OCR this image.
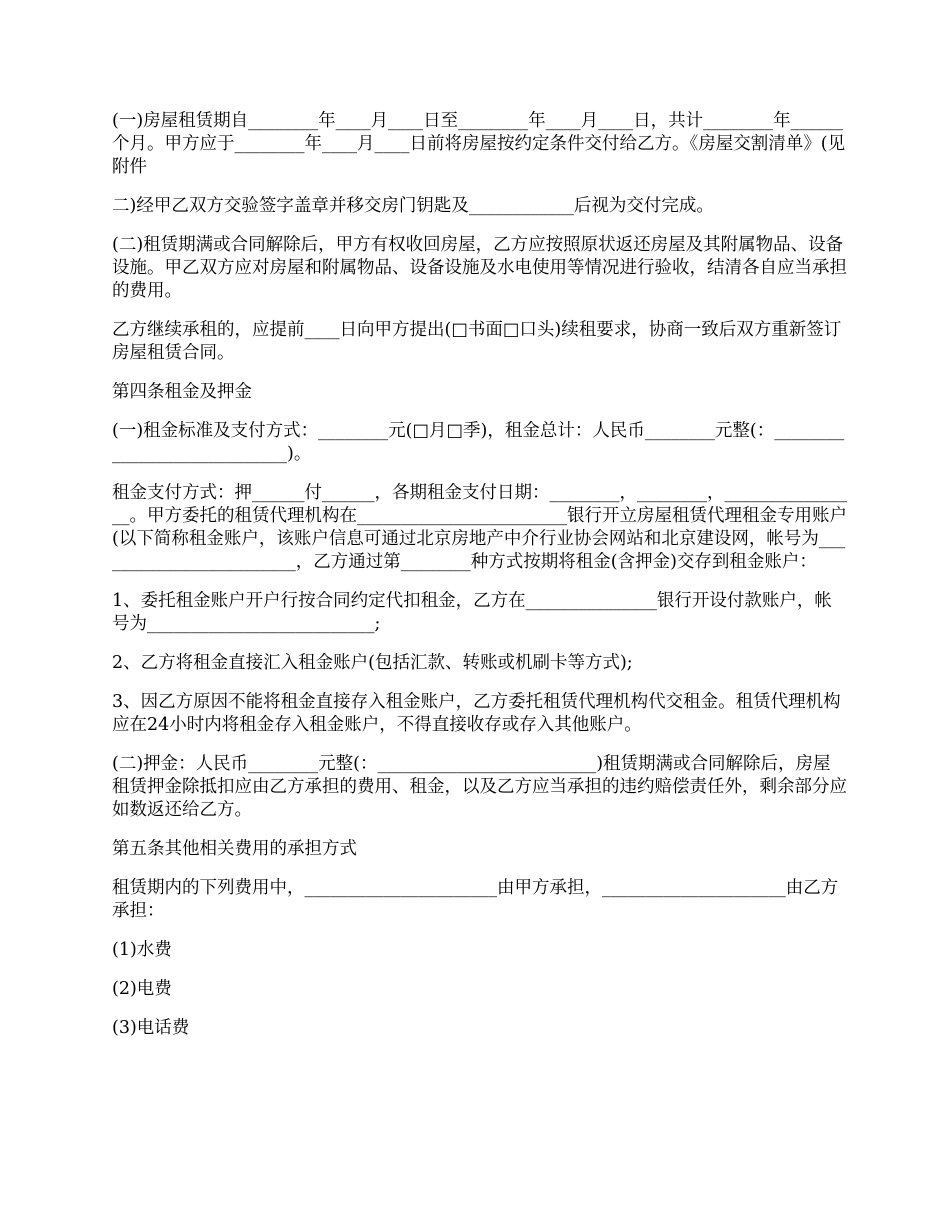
(一)房屋租赁期自________年____月____日至________年____月____日，共计________年______个月。甲方应于________年____月____日前将房屋按约定条件交付给乙方。《房屋交割清单》(见附件

二)经甲乙双方交验签字盖章并移交房门钥匙及____________后视为交付完成。

(二)租赁期满或合同解除后，甲方有权收回房屋，乙方应按照原状返还房屋及其附属物品、设备设施。甲乙双方应对房屋和附属物品、设备设施及水电使用等情况进行验收，结清各自应当承担的费用。

乙方继续承租的，应提前____日向甲方提出(□书面□口头)续租要求，协商一致后双方重新签订房屋租赁合同。

第四条租金及押金

(一)租金标准及支付方式：________元(□月□季)，租金总计：人民币________元整(：____________________________)。

租金支付方式：押______付______，各期租金支付日期：________，________，________________。甲方委托的租赁代理机构在________________________银行开立房屋租赁代理租金专用账户(以下简称租金账户，该账户信息可通过北京房地产中介行业协会网站和北京建设网，帐号为________________________，乙方通过第________种方式按期将租金(含押金)交存到租金账户：

1、委托租金账户开户行按合同约定代扣租金，乙方在_______________银行开设付款账户，帐号为__________________________;

2、乙方将租金直接汇入租金账户(包括汇款、转账或机刷卡等方式);

3、因乙方原因不能将租金直接存入租金账户，乙方委托租赁代理机构代交租金。租赁代理机构应在24小时内将租金存入租金账户，不得直接收存或存入其他账户。

(二)押金：人民币________元整(：_________________________)租赁期满或合同解除后，房屋租赁押金除抵扣应由乙方承担的费用、租金，以及乙方应当承担的违约赔偿责任外，剩余部分应如数返还给乙方。

第五条其他相关费用的承担方式

租赁期内的下列费用中，______________________由甲方承担，_____________________由乙方承担：

(1)水费

(2)电费

(3)电话费
